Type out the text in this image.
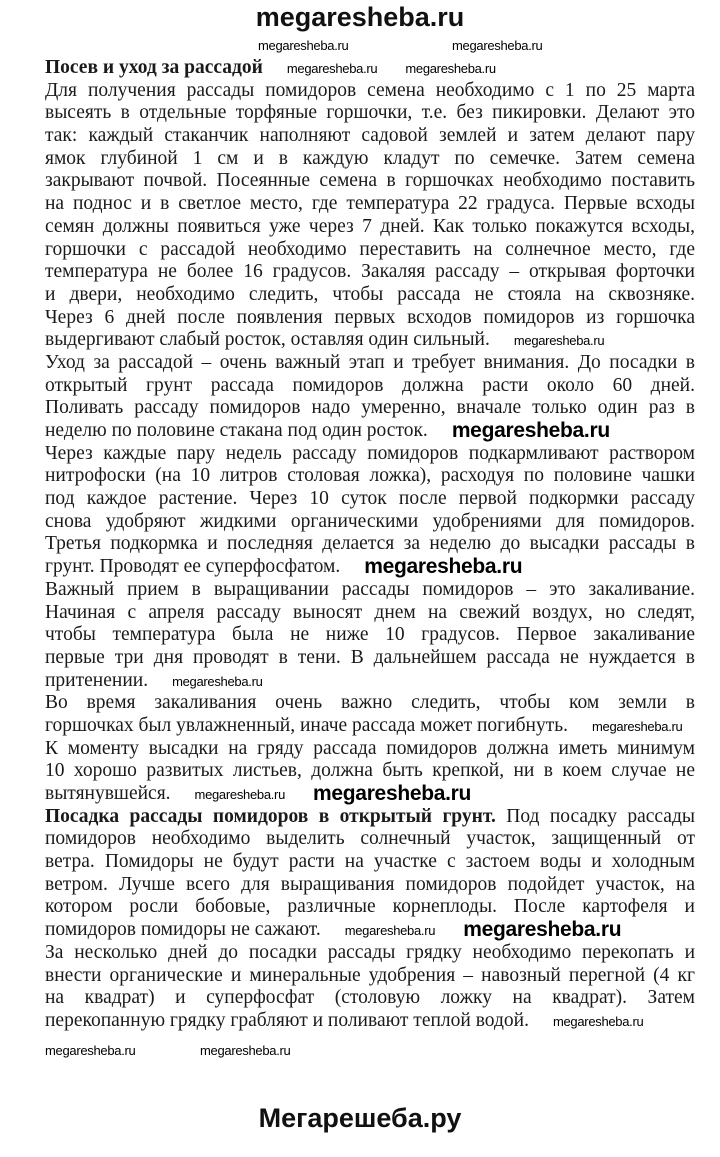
megaresheba.ru
Посев и уход за рассадой
Для получения рассады помидоров семена необходимо с 1 по 25 марта
высеять в отдельные торфяные горшочки, т.е. без пикировки. Делают это
так: каждый стаканчик наполняют садовой землей и затем делают пару
ямок глубиной 1 см и в каждую кладут по семечке. Затем семена
закрывают почвой. Посеянные семена в горшочках необходимо поставить
на поднос и в светлое место, где температура 22 градуса. Первые всходы
семян должны появиться уже через 7 дней. Как только покажутся всходы,
горшочки с рассадой необходимо переставить на солнечное место, где
температура не более 16 градусов. Закаляя рассаду – открывая форточки
и двери, необходимо следить, чтобы рассада не стояла на сквозняке.
Через 6 дней после появления первых всходов помидоров из горшочка
выдергивают слабый росток, оставляя один сильный.
Уход за рассадой – очень важный этап и требует внимания. До посадки в
открытый грунт рассада помидоров должна расти около 60 дней.
Поливать рассаду помидоров надо умеренно, вначале только один раз в
неделю по половине стакана под один росток.
Через каждые пару недель рассаду помидоров подкармливают раствором
нитрофоски (на 10 литров столовая ложка), расходуя по половине чашки
под каждое растение. Через 10 суток после первой подкормки рассаду
снова удобряют жидкими органическими удобрениями для помидоров.
Третья подкормка и последняя делается за неделю до высадки рассады в
грунт. Проводят ее суперфосфатом.
Важный прием в выращивании рассады помидоров – это закаливание.
Начиная с апреля рассаду выносят днем на свежий воздух, но следят,
чтобы температура была не ниже 10 градусов. Первое закаливание
первые три дня проводят в тени. В дальнейшем рассада не нуждается в
притенении.
Во время закаливания очень важно следить, чтобы ком земли в
горшочках был увлажненный, иначе рассада может погибнуть.
К моменту высадки на гряду рассада помидоров должна иметь минимум
10 хорошо развитых листьев, должна быть крепкой, ни в коем случае не
вытянувшейся.
Посадка рассады помидоров в открытый грунт. Под посадку рассады
помидоров необходимо выделить солнечный участок, защищенный от
ветра. Помидоры не будут расти на участке с застоем воды и холодным
ветром. Лучше всего для выращивания помидоров подойдет участок, на
котором росли бобовые, различные корнеплоды. После картофеля и
помидоров помидоры не сажают.
За несколько дней до посадки рассады грядку необходимо перекопать и
внести органические и минеральные удобрения – навозный перегной (4 кг
на квадрат) и суперфосфат (столовую ложку на квадрат). Затем
перекопанную грядку грабляют и поливают теплой водой.
megaresheba.ru megaresheba.ru
megaresheba.ru
megaresheba.ru
megaresheba.ru
megaresheba.ru
megaresheba.ru
megaresheba.ru megaresheba.ru
megaresheba.ru megaresheba.ru
megaresheba.ru
megaresheba.ru	megaresheba.ru
megaresheba.ru	megaresheba.ru
Мегарешеба.ру
